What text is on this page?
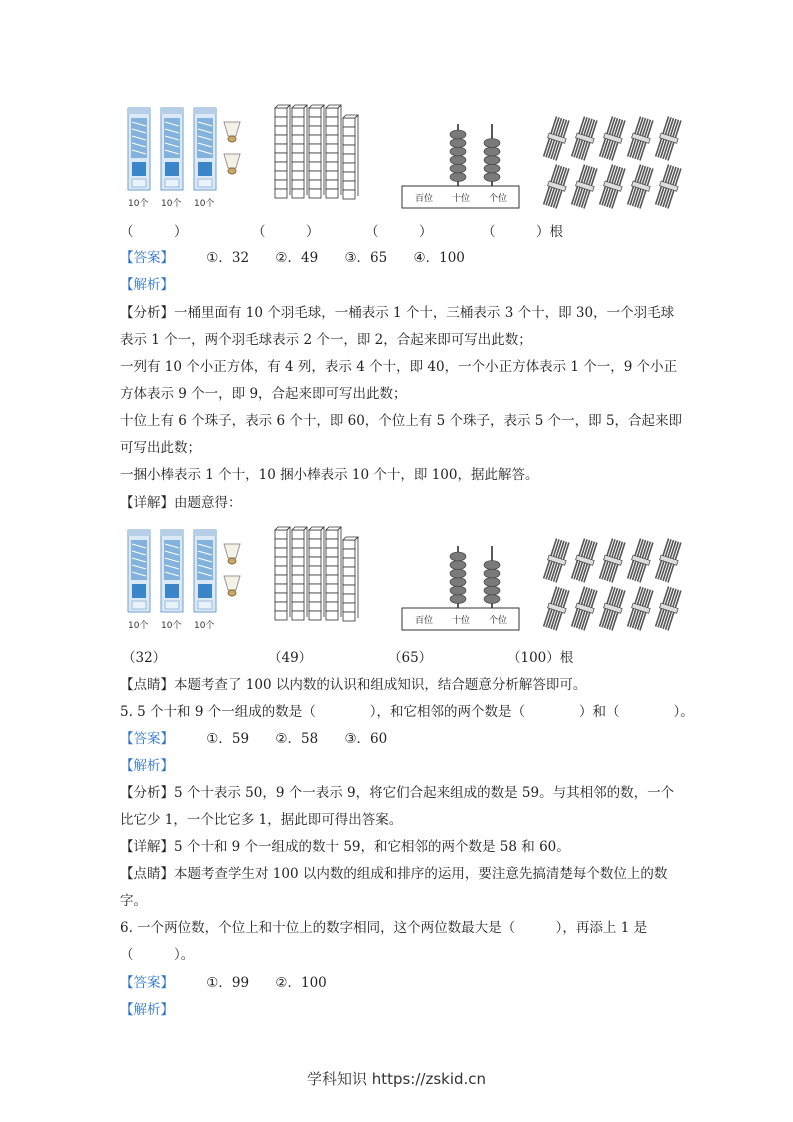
10个 10个 10个	百位 十位 个位
（　　　）	（　　　）	（　　　）	（　　　）根
【答案】 ①．32 ②．49 ③．65 ④．100
【解析】
【分析】一桶里面有 10 个羽毛球，一桶表示 1 个十，三桶表示 3 个十，即 30，一个羽毛球
表示 1 个一，两个羽毛球表示 2 个一，即 2，合起来即可写出此数；
一列有 10 个小正方体，有 4 列，表示 4 个十，即 40，一个小正方体表示 1 个一，9 个小正
方体表示 9 个一，即 9，合起来即可写出此数；
十位上有 6 个珠子，表示 6 个十，即 60，个位上有 5 个珠子，表示 5 个一，即 5，合起来即
可写出此数；
一捆小棒表示 1 个十，10 捆小棒表示 10 个十，即 100，据此解答。
【详解】由题意得：
10个 10个 10个	百位 十位 个位
（32）	（49）	（65）	（100）根
【点睛】本题考查了 100 以内数的认识和组成知识，结合题意分析解答即可。
5. 5 个十和 9 个一组成的数是（　　　　），和它相邻的两个数是（　　　　）和（　　　　）。
【答案】 ①．59 ②．58 ③．60
【解析】
【分析】5 个十表示 50，9 个一表示 9，将它们合起来组成的数是 59。与其相邻的数，一个
比它少 1，一个比它多 1，据此即可得出答案。
【详解】5 个十和 9 个一组成的数十 59，和它相邻的两个数是 58 和 60。
【点睛】本题考查学生对 100 以内数的组成和排序的运用，要注意先搞清楚每个数位上的数
字。
6. 一个两位数，个位上和十位上的数字相同，这个两位数最大是（　　　），再添上 1 是
（　　　）。
【答案】 ①．99 ②．100
【解析】
学科知识 https://zskid.cn
